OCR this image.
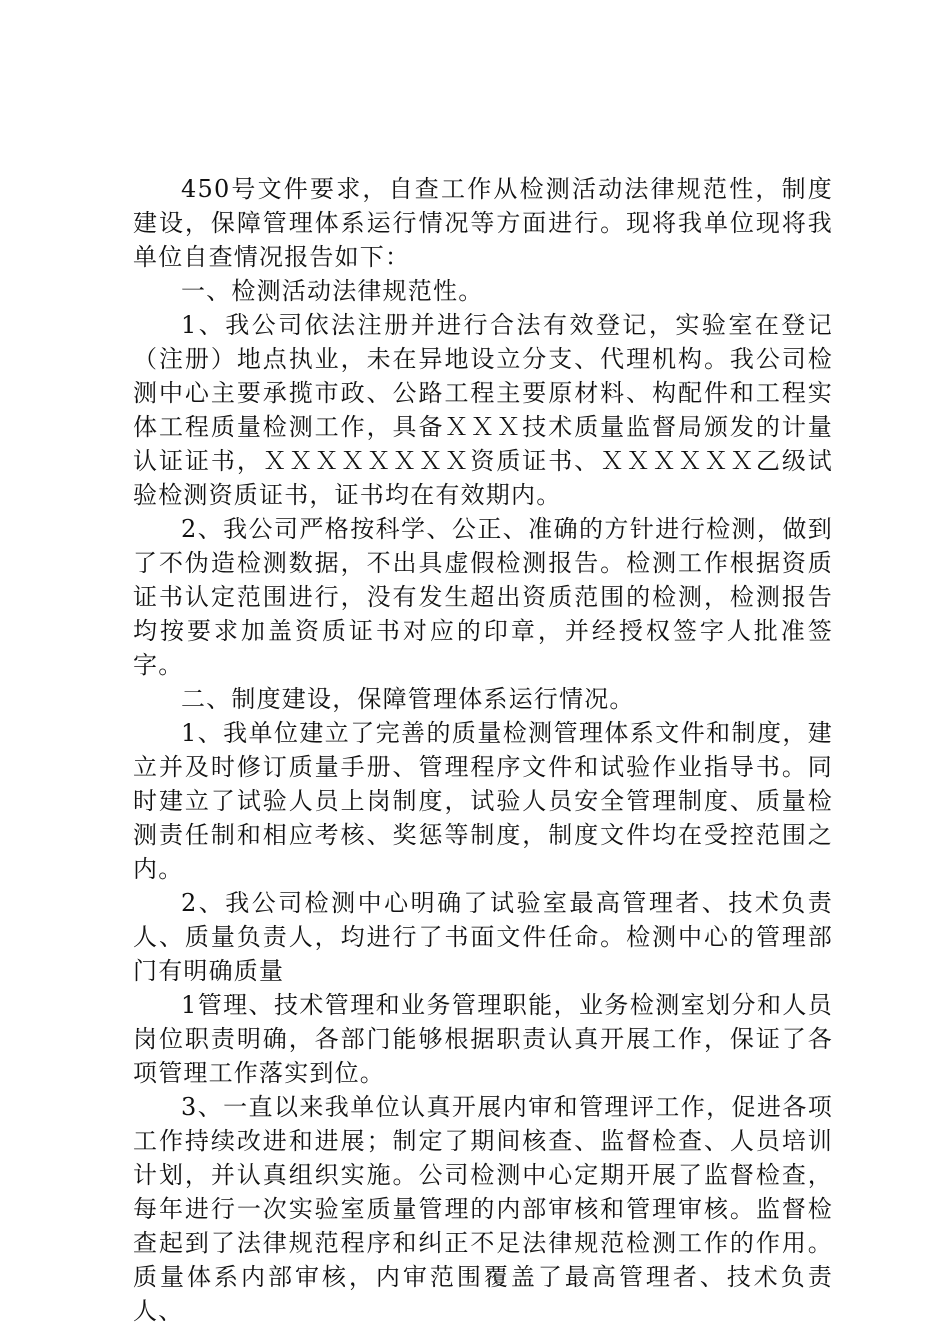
450号文件要求，自查工作从检测活动法律规范性，制度建设，保障管理体系运行情况等方面进行。现将我单位现将我单位自查情况报告如下：

一、检测活动法律规范性。

1、我公司依法注册并进行合法有效登记，实验室在登记（注册）地点执业，未在异地设立分支、代理机构。我公司检测中心主要承揽市政、公路工程主要原材料、构配件和工程实体工程质量检测工作，具备ＸＸＸ技术质量监督局颁发的计量认证证书，ＸＸＸＸＸＸＸＸ资质证书、ＸＸＸＸＸＸ乙级试验检测资质证书，证书均在有效期内。

2、我公司严格按科学、公正、准确的方针进行检测，做到了不伪造检测数据，不出具虚假检测报告。检测工作根据资质证书认定范围进行，没有发生超出资质范围的检测，检测报告均按要求加盖资质证书对应的印章，并经授权签字人批准签字。

二、制度建设，保障管理体系运行情况。

1、我单位建立了完善的质量检测管理体系文件和制度，建立并及时修订质量手册、管理程序文件和试验作业指导书。同时建立了试验人员上岗制度，试验人员安全管理制度、质量检测责任制和相应考核、奖惩等制度，制度文件均在受控范围之内。

2、我公司检测中心明确了试验室最高管理者、技术负责人、质量负责人，均进行了书面文件任命。检测中心的管理部门有明确质量

1管理、技术管理和业务管理职能，业务检测室划分和人员岗位职责明确，各部门能够根据职责认真开展工作，保证了各项管理工作落实到位。

3、一直以来我单位认真开展内审和管理评工作，促进各项工作持续改进和进展；制定了期间核查、监督检查、人员培训计划，并认真组织实施。公司检测中心定期开展了监督检查，每年进行一次实验室质量管理的内部审核和管理审核。监督检查起到了法律规范程序和纠正不足法律规范检测工作的作用。质量体系内部审核，内审范围覆盖了最高管理者、技术负责人、
